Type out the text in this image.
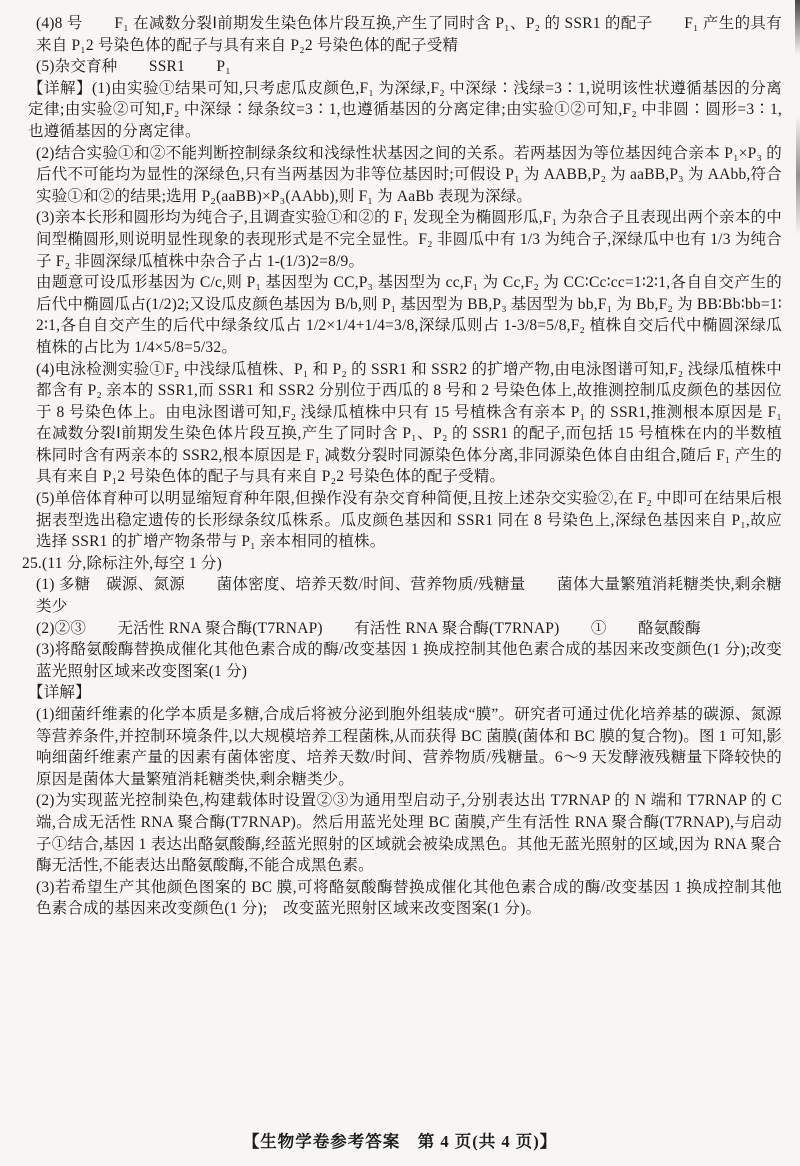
(4)8 号　　F₁ 在减数分裂Ⅰ前期发生染色体片段互换,产生了同时含 P₁、P₂ 的 SSR1 的配子　　F₁ 产生的具有来自 P₁2 号染色体的配子与具有来自 P₂2 号染色体的配子受精

(5)杂交育种　　SSR1　　P₁

【详解】(1)由实验①结果可知,只考虑瓜皮颜色,F₁ 为深绿,F₂ 中深绿∶浅绿=3∶1,说明该性状遵循基因的分离定律;由实验②可知,F₂ 中深绿∶绿条纹=3∶1,也遵循基因的分离定律;由实验①②可知,F₂ 中非圆∶圆形=3∶1,也遵循基因的分离定律。

(2)结合实验①和②不能判断控制绿条纹和浅绿性状基因之间的关系。若两基因为等位基因纯合亲本 P₁×P₃ 的后代不可能均为显性的深绿色,只有当两基因为非等位基因时;可假设 P₁ 为 AABB,P₂ 为 aaBB,P₃ 为 AAbb,符合实验①和②的结果;选用 P₂(aaBB)×P₃(AAbb),则 F₁ 为 AaBb 表现为深绿。

(3)亲本长形和圆形均为纯合子,且调查实验①和②的 F₁ 发现全为椭圆形瓜,F₁ 为杂合子且表现出两个亲本的中间型椭圆形,则说明显性现象的表现形式是不完全显性。F₂ 非圆瓜中有 1/3 为纯合子,深绿瓜中也有 1/3 为纯合子 F₂ 非圆深绿瓜植株中杂合子占 1-(1/3)2=8/9。

由题意可设瓜形基因为 C/c,则 P₁ 基因型为 CC,P₃ 基因型为 cc,F₁ 为 Cc,F₂ 为 CC∶Cc∶cc=1∶2∶1,各自自交产生的后代中椭圆瓜占(1/2)2;又设瓜皮颜色基因为 B/b,则 P₁ 基因型为 BB,P₃ 基因型为 bb,F₁ 为 Bb,F₂ 为 BB∶Bb∶bb=1∶2∶1,各自自交产生的后代中绿条纹瓜占 1/2×1/4+1/4=3/8,深绿瓜则占 1-3/8=5/8,F₂ 植株自交后代中椭圆深绿瓜植株的占比为 1/4×5/8=5/32。

(4)电泳检测实验①F₂ 中浅绿瓜植株、P₁ 和 P₂ 的 SSR1 和 SSR2 的扩增产物,由电泳图谱可知,F₂ 浅绿瓜植株中都含有 P₂ 亲本的 SSR1,而 SSR1 和 SSR2 分别位于西瓜的 8 号和 2 号染色体上,故推测控制瓜皮颜色的基因位于 8 号染色体上。由电泳图谱可知,F₂ 浅绿瓜植株中只有 15 号植株含有亲本 P₁ 的 SSR1,推测根本原因是 F₁ 在减数分裂Ⅰ前期发生染色体片段互换,产生了同时含 P₁、P₂ 的 SSR1 的配子,而包括 15 号植株在内的半数植株同时含有两亲本的 SSR2,根本原因是 F₁ 减数分裂时同源染色体分离,非同源染色体自由组合,随后 F₁ 产生的具有来自 P₁2 号染色体的配子与具有来自 P₂2 号染色体的配子受精。

(5)单倍体育种可以明显缩短育种年限,但操作没有杂交育种简便,且按上述杂交实验②,在 F₂ 中即可在结果后根据表型选出稳定遗传的长形绿条纹瓜株系。瓜皮颜色基因和 SSR1 同在 8 号染色上,深绿色基因来自 P₁,故应选择 SSR1 的扩增产物条带与 P₁ 亲本相同的植株。

25.(11 分,除标注外,每空 1 分)

(1) 多糖　碳源、氮源　　菌体密度、培养天数/时间、营养物质/残糖量　　菌体大量繁殖消耗糖类快,剩余糖类少

(2)②③　　无活性 RNA 聚合酶(T7RNAP)　　有活性 RNA 聚合酶(T7RNAP)　　①　　酪氨酸酶

(3)将酪氨酸酶替换成催化其他色素合成的酶/改变基因 1 换成控制其他色素合成的基因来改变颜色(1 分);改变蓝光照射区域来改变图案(1 分)

【详解】

(1)细菌纤维素的化学本质是多糖,合成后将被分泌到胞外组装成“膜”。研究者可通过优化培养基的碳源、氮源等营养条件,并控制环境条件,以大规模培养工程菌株,从而获得 BC 菌膜(菌体和 BC 膜的复合物)。图 1 可知,影响细菌纤维素产量的因素有菌体密度、培养天数/时间、营养物质/残糖量。6～9 天发酵液残糖量下降较快的原因是菌体大量繁殖消耗糖类快,剩余糖类少。

(2)为实现蓝光控制染色,构建载体时设置②③为通用型启动子,分别表达出 T7RNAP 的 N 端和 T7RNAP 的 C 端,合成无活性 RNA 聚合酶(T7RNAP)。然后用蓝光处理 BC 菌膜,产生有活性 RNA 聚合酶(T7RNAP),与启动子①结合,基因 1 表达出酪氨酸酶,经蓝光照射的区域就会被染成黑色。其他无蓝光照射的区域,因为 RNA 聚合酶无活性,不能表达出酪氨酸酶,不能合成黑色素。

(3)若希望生产其他颜色图案的 BC 膜,可将酪氨酸酶替换成催化其他色素合成的酶/改变基因 1 换成控制其他色素合成的基因来改变颜色(1 分);　改变蓝光照射区域来改变图案(1 分)。

【生物学卷参考答案　第 4 页(共 4 页)】
